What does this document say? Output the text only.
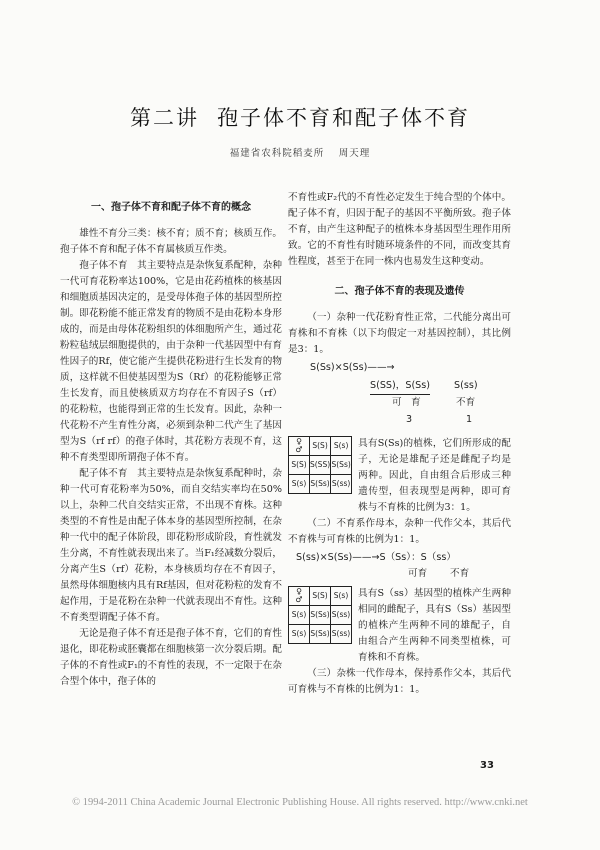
第二讲 孢子体不育和配子体不育
福建省农科院稻麦所　 周天理
一、孢子体不育和配子体不育的概念

雄性不育分三类：核不育；质不育；核质互作。孢子体不育和配子体不育属核质互作类。

孢子体不育　其主要特点是杂恢复系配种，杂种一代可育花粉率达100%，它是由花药植株的核基因和细胞质基因决定的，是受母体孢子体的基因型所控制。即花粉能不能正常发育的物质不是由花粉本身形成的，而是由母体花粉组织的体细胞所产生，通过花粉粒毡绒层细胞提供的，由于杂种一代基因型中有育性因子的Rf，使它能产生提供花粉进行生长发育的物质，这样就不但使基因型为S（Rf）的花粉能够正常生长发育，而且使核质双方均存在不育因子S（rf）的花粉粒，也能得到正常的生长发育。因此，杂种一代花粉不产生育性分离，必须到杂种二代产生了基因型为S（rf rf）的孢子体时，其花粉方表现不育，这种不育类型即所谓孢子体不育。

配子体不育　其主要特点是杂恢复系配种时，杂种一代可育花粉率为50%，而自交结实率均在50%以上，杂种二代自交结实正常，不出现不育株。这种类型的不育性是由配子体本身的基因型所控制，在杂种一代中的配子体阶段，即花粉形成阶段，育性就发生分离，不育性就表现出来了。当F₁经减数分裂后，分离产生S（rf）花粉，本身核质均存在不育因子，虽然母体细胞核内具有Rf基因，但对花粉粒的发育不起作用，于是花粉在杂种一代就表现出不育性。这种不育类型谓配子体不育。

无论是孢子体不育还是孢子体不育，它们的育性退化，即花粉或胚囊都在细胞核第一次分裂后期。配子体的不育性或F₁的不育性的表现，不一定限于在杂合型个体中，孢子体的

不育性或F₂代的不育性必定发生于纯合型的个体中。配子体不育，归因于配子的基因不平衡所致。孢子体不育，由产生这种配子的植株本身基因型生理作用所致。它的不育性有时随环境条件的不同，而改变其育性程度，甚至于在同一株内也易发生这种变动。

二、孢子体不育的表现及遗传

（一）杂种一代花粉育性正常，二代能分离出可育株和不育株（以下均假定一对基因控制），其比例是3：1。

S(Ss)×S(Ss)——→
S(SS)，S(Ss) S(ss)
可　育	不育
3	1
♀
♂	S(S)	S(s)
S(S)	S(SS)	S(Ss)
S(s)	S(Ss)	S(ss)

具有S(Ss)的植株，它们所形成的配子，无论是雄配子还是雌配子均是两种。因此，自由组合后形成三种遗传型，但表现型是两种，即可育株与不育株的比例为3：1。

（二）不育系作母本，杂种一代作父本，其后代不育株与可育株的比例为1：1。

S(ss)×S(Ss)——→S（Ss）：S（ss）
可育 不育
♀
♂	S(S)	S(s)
S(s)	S(Ss)	S(ss)
S(s)	S(Ss)	S(ss)

具有S（ss）基因型的植株产生两种相同的雌配子，具有S（Ss）基因型的植株产生两种不同的雄配子，自由组合产生两种不同类型植株，可育株和不育株。

（三）杂株一代作母本，保持系作父本，其后代可育株与不育株的比例为1：1。

33
© 1994-2011 China Academic Journal Electronic Publishing House. All rights reserved. http://www.cnki.net
